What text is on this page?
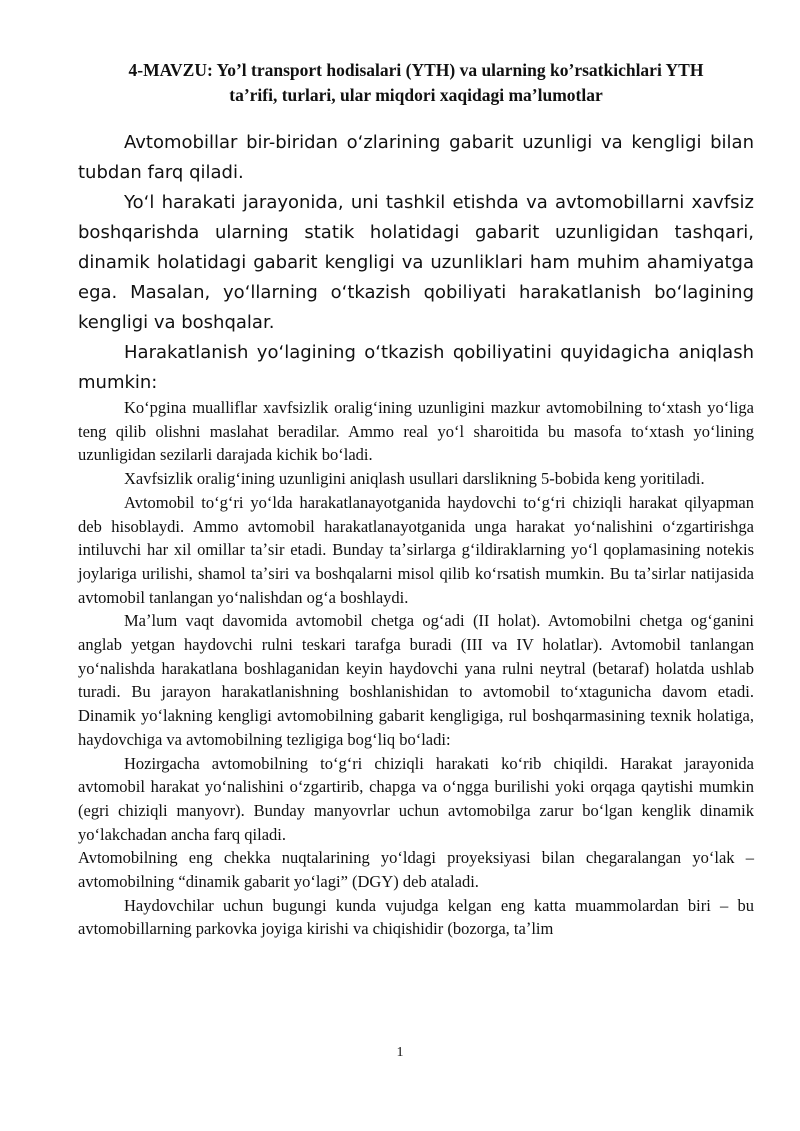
4-MAVZU: Yo’l transport hodisalari (YTH) va ularning ko’rsatkichlari YTH
ta’rifi, turlari, ular miqdori xaqidagi ma’lumotlar

Avtomobillar bir-biridan oʻzlarining gabarit uzunligi va kengligi bilan tubdan farq qiladi.

Yoʻl harakati jarayonida, uni tashkil etishda va avtomobillarni xavfsiz boshqarishda ularning statik holatidagi gabarit uzunligidan tashqari, dinamik holatidagi gabarit kengligi va uzunliklari ham muhim ahamiyatga ega. Masalan, yoʻllarning oʻtkazish qobiliyati harakatlanish boʻlagining kengligi va boshqalar.

Harakatlanish yoʻlagining oʻtkazish qobiliyatini quyidagicha aniqlash mumkin:

Koʻpgina mualliflar xavfsizlik oraligʻining uzunligini mazkur avtomobilning toʻxtash yoʻliga teng qilib olishni maslahat beradilar. Ammo real yoʻl sharoitida bu masofa toʻxtash yoʻlining uzunligidan sezilarli darajada kichik boʻladi.

Xavfsizlik oraligʻining uzunligini aniqlash usullari darslikning 5-bobida keng yoritiladi.

Avtomobil toʻgʻri yoʻlda harakatlanayotganida haydovchi toʻgʻri chiziqli harakat qilyapman deb hisoblaydi. Ammo avtomobil harakatlanayotganida unga harakat yoʻnalishini oʻzgartirishga intiluvchi har xil omillar taʼsir etadi. Bunday taʼsirlarga gʻildiraklarning yoʻl qoplamasining notekis joylariga urilishi, shamol taʼsiri va boshqalarni misol qilib koʻrsatish mumkin. Bu taʼsirlar natijasida avtomobil tanlangan yoʻnalishdan ogʻa boshlaydi.

Maʼlum vaqt davomida avtomobil chetga ogʻadi (II holat). Avtomobilni chetga ogʻganini anglab yetgan haydovchi rulni teskari tarafga buradi (III va IV holatlar). Avtomobil tanlangan yoʻnalishda harakatlana boshlaganidan keyin haydovchi yana rulni neytral (betaraf) holatda ushlab turadi. Bu jarayon harakatlanishning boshlanishidan to avtomobil toʻxtagunicha davom etadi. Dinamik yoʻlakning kengligi avtomobilning gabarit kengligiga, rul boshqarmasining texnik holatiga, haydovchiga va avtomobilning tezligiga bogʻliq boʻladi:

Hozirgacha avtomobilning toʻgʻri chiziqli harakati koʻrib chiqildi. Harakat jarayonida avtomobil harakat yoʻnalishini oʻzgartirib, chapga va oʻngga burilishi yoki orqaga qaytishi mumkin (egri chiziqli manyovr). Bunday manyovrlar uchun avtomobilga zarur boʻlgan kenglik dinamik yoʻlakchadan ancha farq qiladi.

Avtomobilning eng chekka nuqtalarining yoʻldagi proyeksiyasi bilan chegaralangan yoʻlak – avtomobilning “dinamik gabarit yoʻlagi” (DGY) deb ataladi.

Haydovchilar uchun bugungi kunda vujudga kelgan eng katta muammolardan biri – bu avtomobillarning parkovka joyiga kirishi va chiqishidir (bozorga, taʼlim

1
